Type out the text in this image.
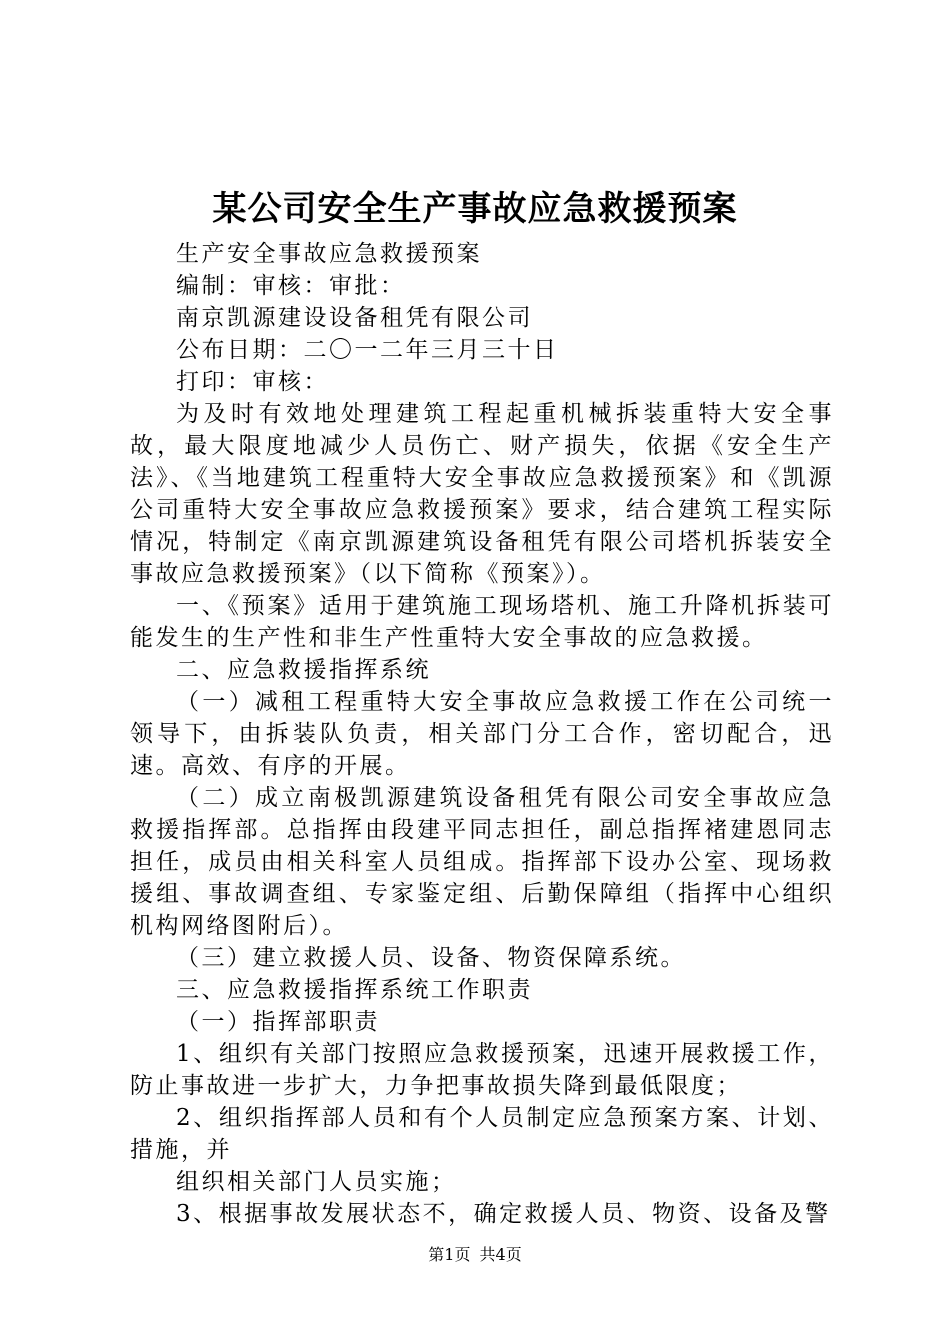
某公司安全生产事故应急救援预案

生产安全事故应急救援预案

编制：审核：审批：

南京凯源建设设备租凭有限公司

公布日期：二〇一二年三月三十日

打印：审核：

为及时有效地处理建筑工程起重机械拆装重特大安全事故，最大限度地减少人员伤亡、财产损失，依据《安全生产法》、《当地建筑工程重特大安全事故应急救援预案》和《凯源公司重特大安全事故应急救援预案》要求，结合建筑工程实际情况，特制定《南京凯源建筑设备租凭有限公司塔机拆装安全事故应急救援预案》（以下简称《预案》）。

一、《预案》适用于建筑施工现场塔机、施工升降机拆装可能发生的生产性和非生产性重特大安全事故的应急救援。

二、应急救援指挥系统

（一）减租工程重特大安全事故应急救援工作在公司统一领导下，由拆装队负责，相关部门分工合作，密切配合，迅速。高效、有序的开展。

（二）成立南极凯源建筑设备租凭有限公司安全事故应急救援指挥部。总指挥由段建平同志担任，副总指挥褚建恩同志担任，成员由相关科室人员组成。指挥部下设办公室、现场救援组、事故调查组、专家鉴定组、后勤保障组（指挥中心组织机构网络图附后）。

（三）建立救援人员、设备、物资保障系统。

三、应急救援指挥系统工作职责

（一）指挥部职责

1、组织有关部门按照应急救援预案，迅速开展救援工作，防止事故进一步扩大，力争把事故损失降到最低限度；

2、组织指挥部人员和有个人员制定应急预案方案、计划、措施，并

组织相关部门人员实施；

3、根据事故发展状态不，确定救援人员、物资、设备及警

第1页 共4页
